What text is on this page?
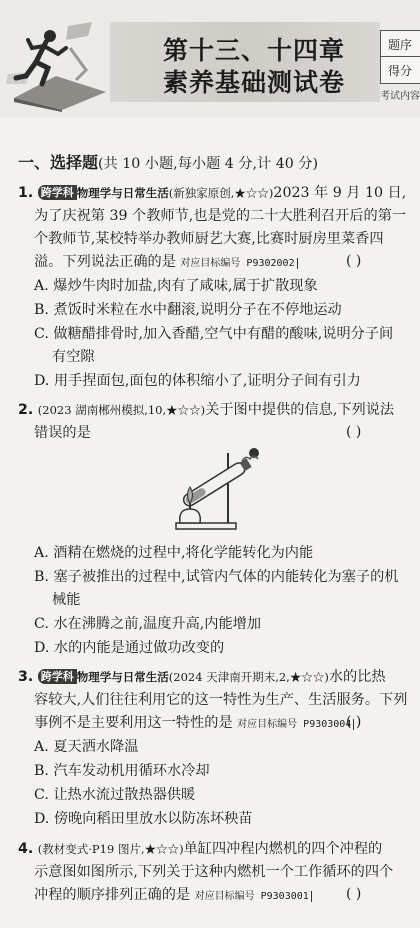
第十三、十四章
素养基础测试卷
题序
得分
考试内容
一、选择题(共 10 小题,每小题 4 分,计 40 分)
1. 跨学科 物理学与日常生活(新独家原创,★☆☆)2023 年 9 月 10 日,
为了庆祝第 39 个教师节,也是党的二十大胜利召开后的第一
个教师节,某校特举办教师厨艺大赛,比赛时厨房里菜香四
溢。下列说法正确的是 对应目标编号 P9302002	( )
A. 爆炒牛肉时加盐,肉有了咸味,属于扩散现象
B. 煮饭时米粒在水中翻滚,说明分子在不停地运动
C. 做糖醋排骨时,加入香醋,空气中有醋的酸味,说明分子间
有空隙
D. 用手捏面包,面包的体积缩小了,证明分子间有引力
2. (2023 湖南郴州模拟,10,★☆☆)关于图中提供的信息,下列说法
错误的是	( )
A. 酒精在燃烧的过程中,将化学能转化为内能
B. 塞子被推出的过程中,试管内气体的内能转化为塞子的机
械能
C. 水在沸腾之前,温度升高,内能增加
D. 水的内能是通过做功改变的
3. 跨学科 物理学与日常生活(2024 天津南开期末,2,★☆☆)水的比热
容较大,人们往往利用它的这一特性为生产、生活服务。下列
事例不是主要利用这一特性的是 对应目标编号 P9303004
( )
A. 夏天洒水降温
B. 汽车发动机用循环水冷却
C. 让热水流过散热器供暖
D. 傍晚向稻田里放水以防冻坏秧苗
4. (教材变式·P19 图片,★☆☆)单缸四冲程内燃机的四个冲程的
示意图如图所示,下列关于这种内燃机一个工作循环的四个
冲程的顺序排列正确的是 对应目标编号 P9303001	( )
